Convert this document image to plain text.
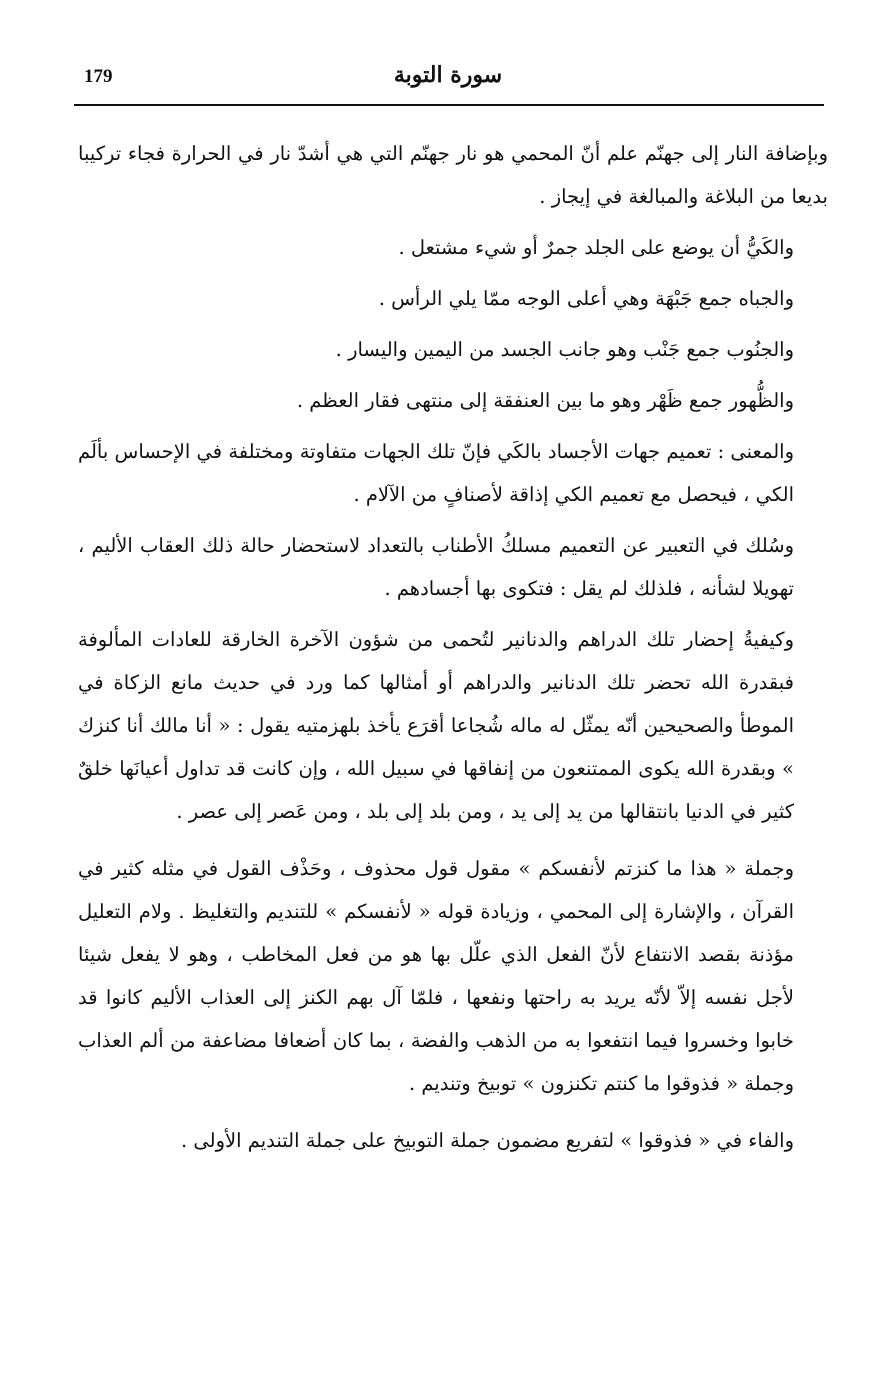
179	سورة التوبة

وبإضافة النار إلى جهنّم علم أنّ المحمي هو نار جهنّم التي هي أشدّ نار في الحرارة فجاء تركيبا بديعا من البلاغة والمبالغة في إيجاز .

والكَيُّ أن يوضع على الجلد جمرٌ أو شيء مشتعل .

والجباه جمع جَبْهَة وهي أعلى الوجه ممّا يلي الرأس .

والجنُوب جمع جَنْب وهو جانب الجسد من اليمين واليسار .

والظُّهور جمع ظَهْر وهو ما بين العنفقة إلى منتهى فقار العظم .

والمعنى : تعميم جهات الأجساد بالكَي فإنّ تلك الجهات متفاوتة ومختلفة في الإحساس بألَم الكي ، فيحصل مع تعميم الكي إذاقة لأصنافٍ من الآلام .

وسُلك في التعبير عن التعميم مسلكُ الأطناب بالتعداد لاستحضار حالة ذلك العقاب الأليم ، تهويلا لشأنه ، فلذلك لم يقل : فتكوى بها أجسادهم .

وكيفيةُ إحضار تلك الدراهم والدنانير لتُحمى من شؤون الآخرة الخارقة للعادات المألوفة فبقدرة الله تحضر تلك الدنانير والدراهم أو أمثالها كما ورد في حديث مانع الزكاة في الموطأ والصحيحين أنّه يمثّل له ماله شُجاعا أقرَع يأخذ بلهزمتيه يقول : « أنا مالك أنا كنزك » وبقدرة الله يكوى الممتنعون من إنفاقها في سبيل الله ، وإن كانت قد تداول أعيانَها خلقٌ كثير في الدنيا بانتقالها من يد إلى يد ، ومن بلد إلى بلد ، ومن عَصر إلى عصر .

وجملة « هذا ما كنزتم لأنفسكم » مقول قول محذوف ، وحَذْف القول في مثله كثير في القرآن ، والإشارة إلى المحمي ، وزيادة قوله « لأنفسكم » للتنديم والتغليظ . ولام التعليل مؤذنة بقصد الانتفاع لأنّ الفعل الذي علّل بها هو من فعل المخاطب ، وهو لا يفعل شيئا لأجل نفسه إلاّ لأنّه يريد به راحتها ونفعها ، فلمّا آل بهم الكنز إلى العذاب الأليم كانوا قد خابوا وخسروا فيما انتفعوا به من الذهب والفضة ، بما كان أضعافا مضاعفة من ألم العذاب وجملة « فذوقوا ما كنتم تكنزون » توبيخ وتنديم .

والفاء في « فذوقوا » لتفريع مضمون جملة التوبيخ على جملة التنديم الأولى .
